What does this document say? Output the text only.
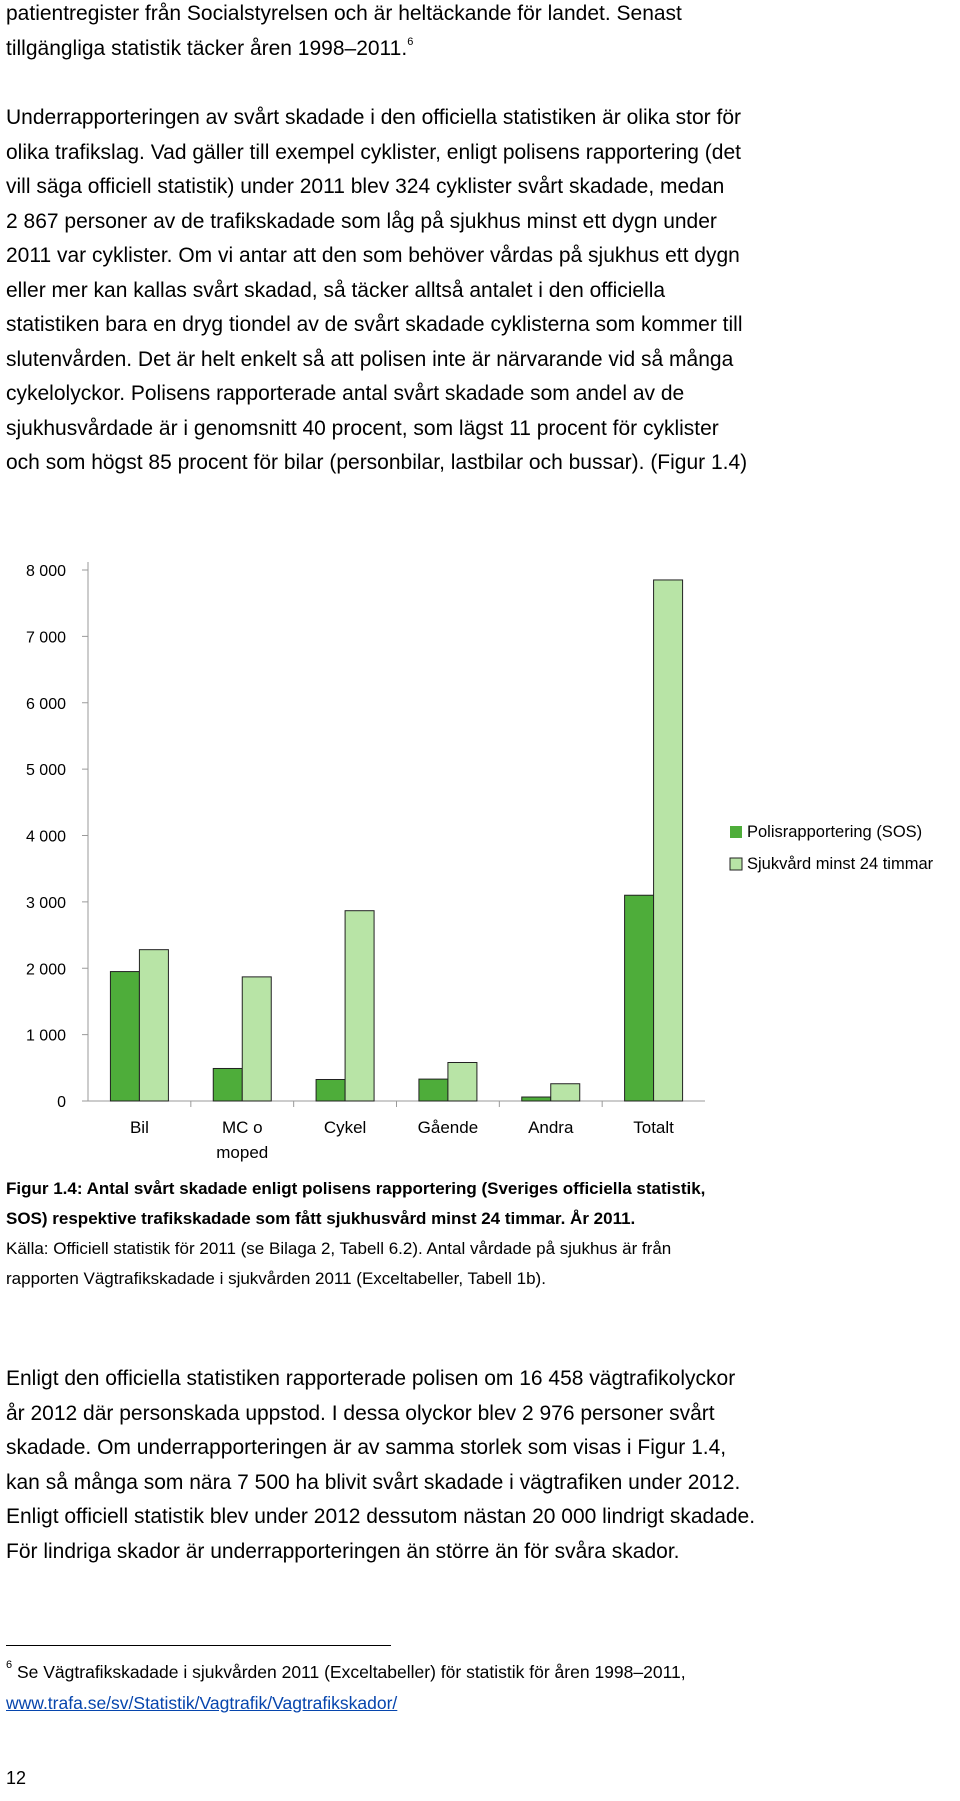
patientregister från Socialstyrelsen och är heltäckande för landet. Senast
tillgängliga statistik täcker åren 1998–2011.$^6$
Underrapporteringen av svårt skadade i den officiella statistiken är olika stor för
olika trafikslag. Vad gäller till exempel cyklister, enligt polisens rapportering (det
vill säga officiell statistik) under 2011 blev 324 cyklister svårt skadade, medan
2 867 personer av de trafikskadade som låg på sjukhus minst ett dygn under
2011 var cyklister. Om vi antar att den som behöver vårdas på sjukhus ett dygn
eller mer kan kallas svårt skadad, så täcker alltså antalet i den officiella
statistiken bara en dryg tiondel av de svårt skadade cyklisterna som kommer till
slutenvården. Det är helt enkelt så att polisen inte är närvarande vid så många
cykelolyckor. Polisens rapporterade antal svårt skadade som andel av de
sjukhusvårdade är i genomsnitt 40 procent, som lägst 11 procent för cyklister
och som högst 85 procent för bilar (personbilar, lastbilar och bussar). (Figur 1.4)
0
1 000
2 000
3 000
4 000
5 000
6 000
7 000
8 000
Bil	MC o
moped
Cykel	Gående	Andra	Totalt
Polisrapportering (SOS)
Sjukvård minst 24 timmar
Figur 1.4: Antal svårt skadade enligt polisens rapportering (Sveriges officiella statistik,
SOS) respektive trafikskadade som fått sjukhusvård minst 24 timmar. År 2011.
Källa: Officiell statistik för 2011 (se Bilaga 2, Tabell 6.2). Antal vårdade på sjukhus är från
rapporten Vägtrafikskadade i sjukvården 2011 (Exceltabeller, Tabell 1b).
Enligt den officiella statistiken rapporterade polisen om 16 458 vägtrafikolyckor
år 2012 där personskada uppstod. I dessa olyckor blev 2 976 personer svårt
skadade. Om underrapporteringen är av samma storlek som visas i Figur 1.4,
kan så många som nära 7 500 ha blivit svårt skadade i vägtrafiken under 2012.
Enligt officiell statistik blev under 2012 dessutom nästan 20 000 lindrigt skadade.
För lindriga skador är underrapporteringen än större än för svåra skador.
$^6$ Se Vägtrafikskadade i sjukvården 2011 (Exceltabeller) för statistik för åren 1998–2011,
www.trafa.se/sv/Statistik/Vagtrafik/Vagtrafikskador/
12
